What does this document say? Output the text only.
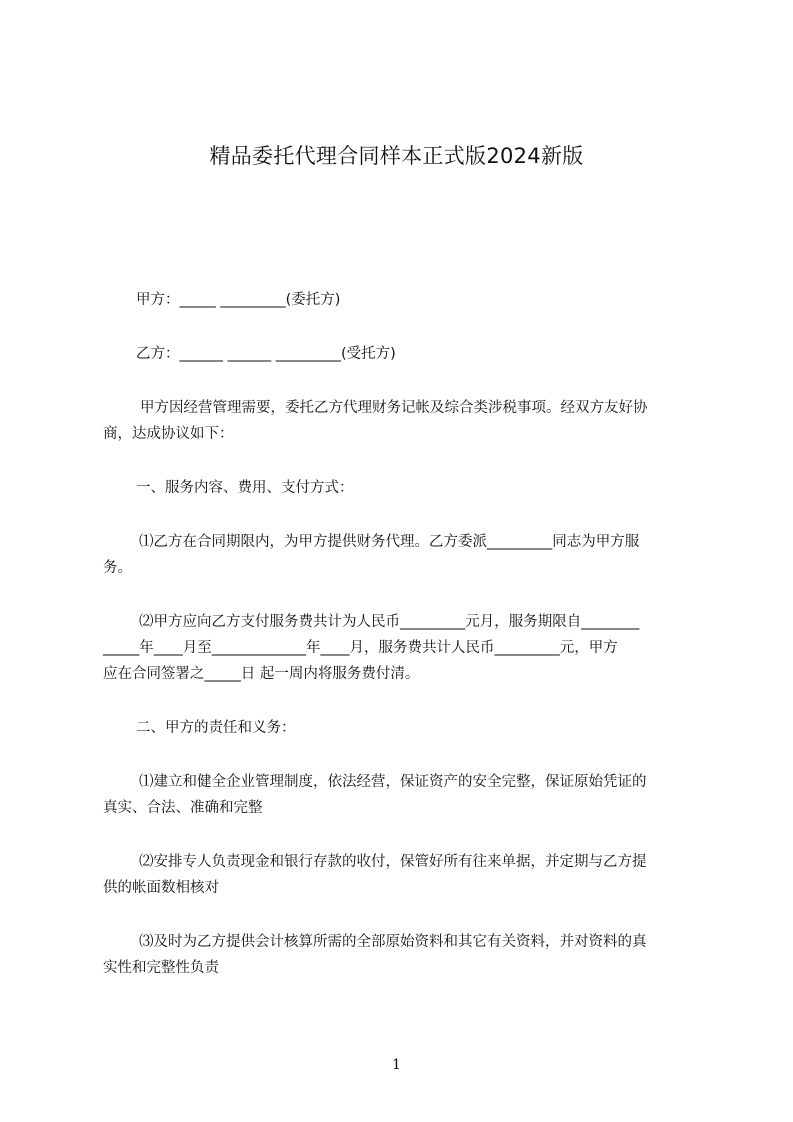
精品委托代理合同样本正式版2024新版
甲方：_____ _________(委托方)
乙方：______ ______ _________(受托方)
甲方因经营管理需要，委托乙方代理财务记帐及综合类涉税事项。经双方友好协
商，达成协议如下：
一、服务内容、费用、支付方式：
⑴乙方在合同期限内，为甲方提供财务代理。乙方委派_________同志为甲方服
务。
⑵甲方应向乙方支付服务费共计为人民币_________元月，服务期限自________
_____年____月至_____________年____月，服务费共计人民币_________元，甲方
应在合同签署之_____日 起一周内将服务费付清。
二、甲方的责任和义务：
⑴建立和健全企业管理制度，依法经营，保证资产的安全完整，保证原始凭证的
真实、合法、准确和完整
⑵安排专人负责现金和银行存款的收付，保管好所有往来单据，并定期与乙方提
供的帐面数相核对
⑶及时为乙方提供会计核算所需的全部原始资料和其它有关资料，并对资料的真
实性和完整性负责
1
